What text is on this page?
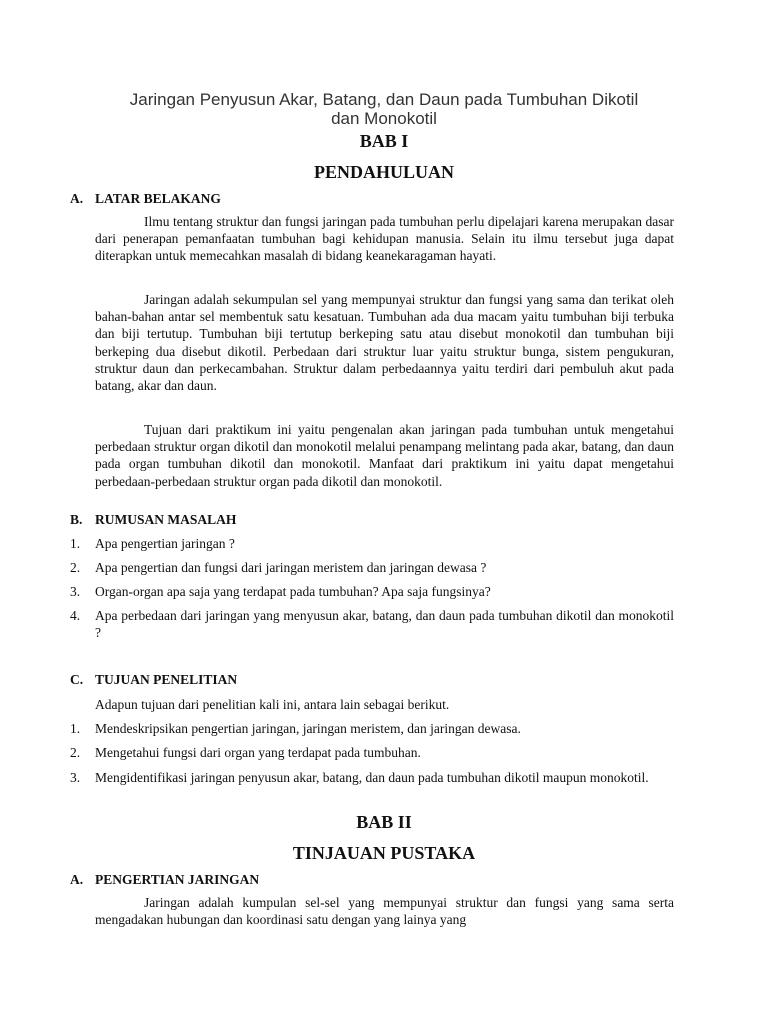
Jaringan Penyusun Akar, Batang, dan Daun pada Tumbuhan Dikotil
dan Monokotil
BAB I
PENDAHULUAN
A. LATAR BELAKANG

Ilmu tentang struktur dan fungsi jaringan pada tumbuhan perlu dipelajari karena merupakan dasar dari penerapan pemanfaatan tumbuhan bagi kehidupan manusia. Selain itu ilmu tersebut juga dapat diterapkan untuk memecahkan masalah di bidang keanekaragaman hayati.

Jaringan adalah sekumpulan sel yang mempunyai struktur dan fungsi yang sama dan terikat oleh bahan-bahan antar sel membentuk satu kesatuan. Tumbuhan ada dua macam yaitu tumbuhan biji terbuka dan biji tertutup. Tumbuhan biji tertutup berkeping satu atau disebut monokotil dan tumbuhan biji berkeping dua disebut dikotil. Perbedaan dari struktur luar yaitu struktur bunga, sistem pengukuran, struktur daun dan perkecambahan. Struktur dalam perbedaannya yaitu terdiri dari pembuluh akut pada batang, akar dan daun.

Tujuan dari praktikum ini yaitu pengenalan akan jaringan pada tumbuhan untuk mengetahui perbedaan struktur organ dikotil dan monokotil melalui penampang melintang pada akar, batang, dan daun pada organ tumbuhan dikotil dan monokotil. Manfaat dari praktikum ini yaitu dapat mengetahui perbedaan-perbedaan struktur organ pada dikotil dan monokotil.

B. RUMUSAN MASALAH
1.	Apa pengertian jaringan ?
2.	Apa pengertian dan fungsi dari jaringan meristem dan jaringan dewasa ?
3.	Organ-organ apa saja yang terdapat pada tumbuhan? Apa saja fungsinya?
4.	Apa perbedaan dari jaringan yang menyusun akar, batang, dan daun pada tumbuhan dikotil dan monokotil ?
C. TUJUAN PENELITIAN

Adapun tujuan dari penelitian kali ini, antara lain sebagai berikut.

1.	Mendeskripsikan pengertian jaringan, jaringan meristem, dan jaringan dewasa.
2.	Mengetahui fungsi dari organ yang terdapat pada tumbuhan.
3.	Mengidentifikasi jaringan penyusun akar, batang, dan daun pada tumbuhan dikotil maupun monokotil.
BAB II
TINJAUAN PUSTAKA
A. PENGERTIAN JARINGAN

Jaringan adalah kumpulan sel-sel yang mempunyai struktur dan fungsi yang sama serta mengadakan hubungan dan koordinasi satu dengan yang lainya yang
